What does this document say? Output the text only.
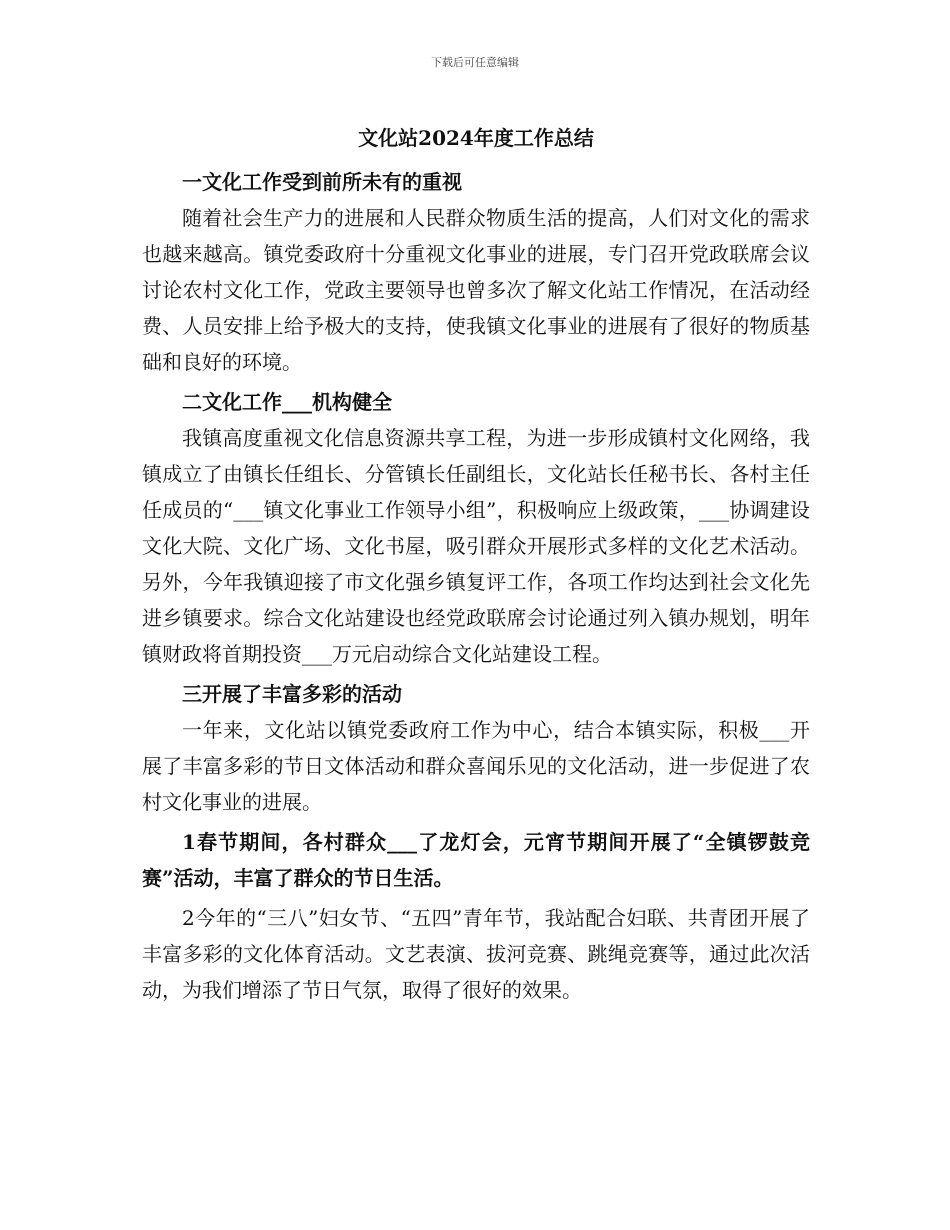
下载后可任意编辑
文化站2024年度工作总结

一文化工作受到前所未有的重视

随着社会生产力的进展和人民群众物质生活的提高，人们对文化的需求也越来越高。镇党委政府十分重视文化事业的进展，专门召开党政联席会议讨论农村文化工作，党政主要领导也曾多次了解文化站工作情况，在活动经费、人员安排上给予极大的支持，使我镇文化事业的进展有了很好的物质基础和良好的环境。

二文化工作___机构健全

我镇高度重视文化信息资源共享工程，为进一步形成镇村文化网络，我镇成立了由镇长任组长、分管镇长任副组长，文化站长任秘书长、各村主任任成员的“___镇文化事业工作领导小组”，积极响应上级政策，___协调建设文化大院、文化广场、文化书屋，吸引群众开展形式多样的文化艺术活动。另外，今年我镇迎接了市文化强乡镇复评工作，各项工作均达到社会文化先进乡镇要求。综合文化站建设也经党政联席会讨论通过列入镇办规划，明年镇财政将首期投资___万元启动综合文化站建设工程。

三开展了丰富多彩的活动

一年来，文化站以镇党委政府工作为中心，结合本镇实际，积极___开展了丰富多彩的节日文体活动和群众喜闻乐见的文化活动，进一步促进了农村文化事业的进展。

1春节期间，各村群众___了龙灯会，元宵节期间开展了“全镇锣鼓竞赛”活动，丰富了群众的节日生活。

2今年的“三八”妇女节、“五四”青年节，我站配合妇联、共青团开展了丰富多彩的文化体育活动。文艺表演、拔河竞赛、跳绳竞赛等，通过此次活动，为我们增添了节日气氛，取得了很好的效果。
